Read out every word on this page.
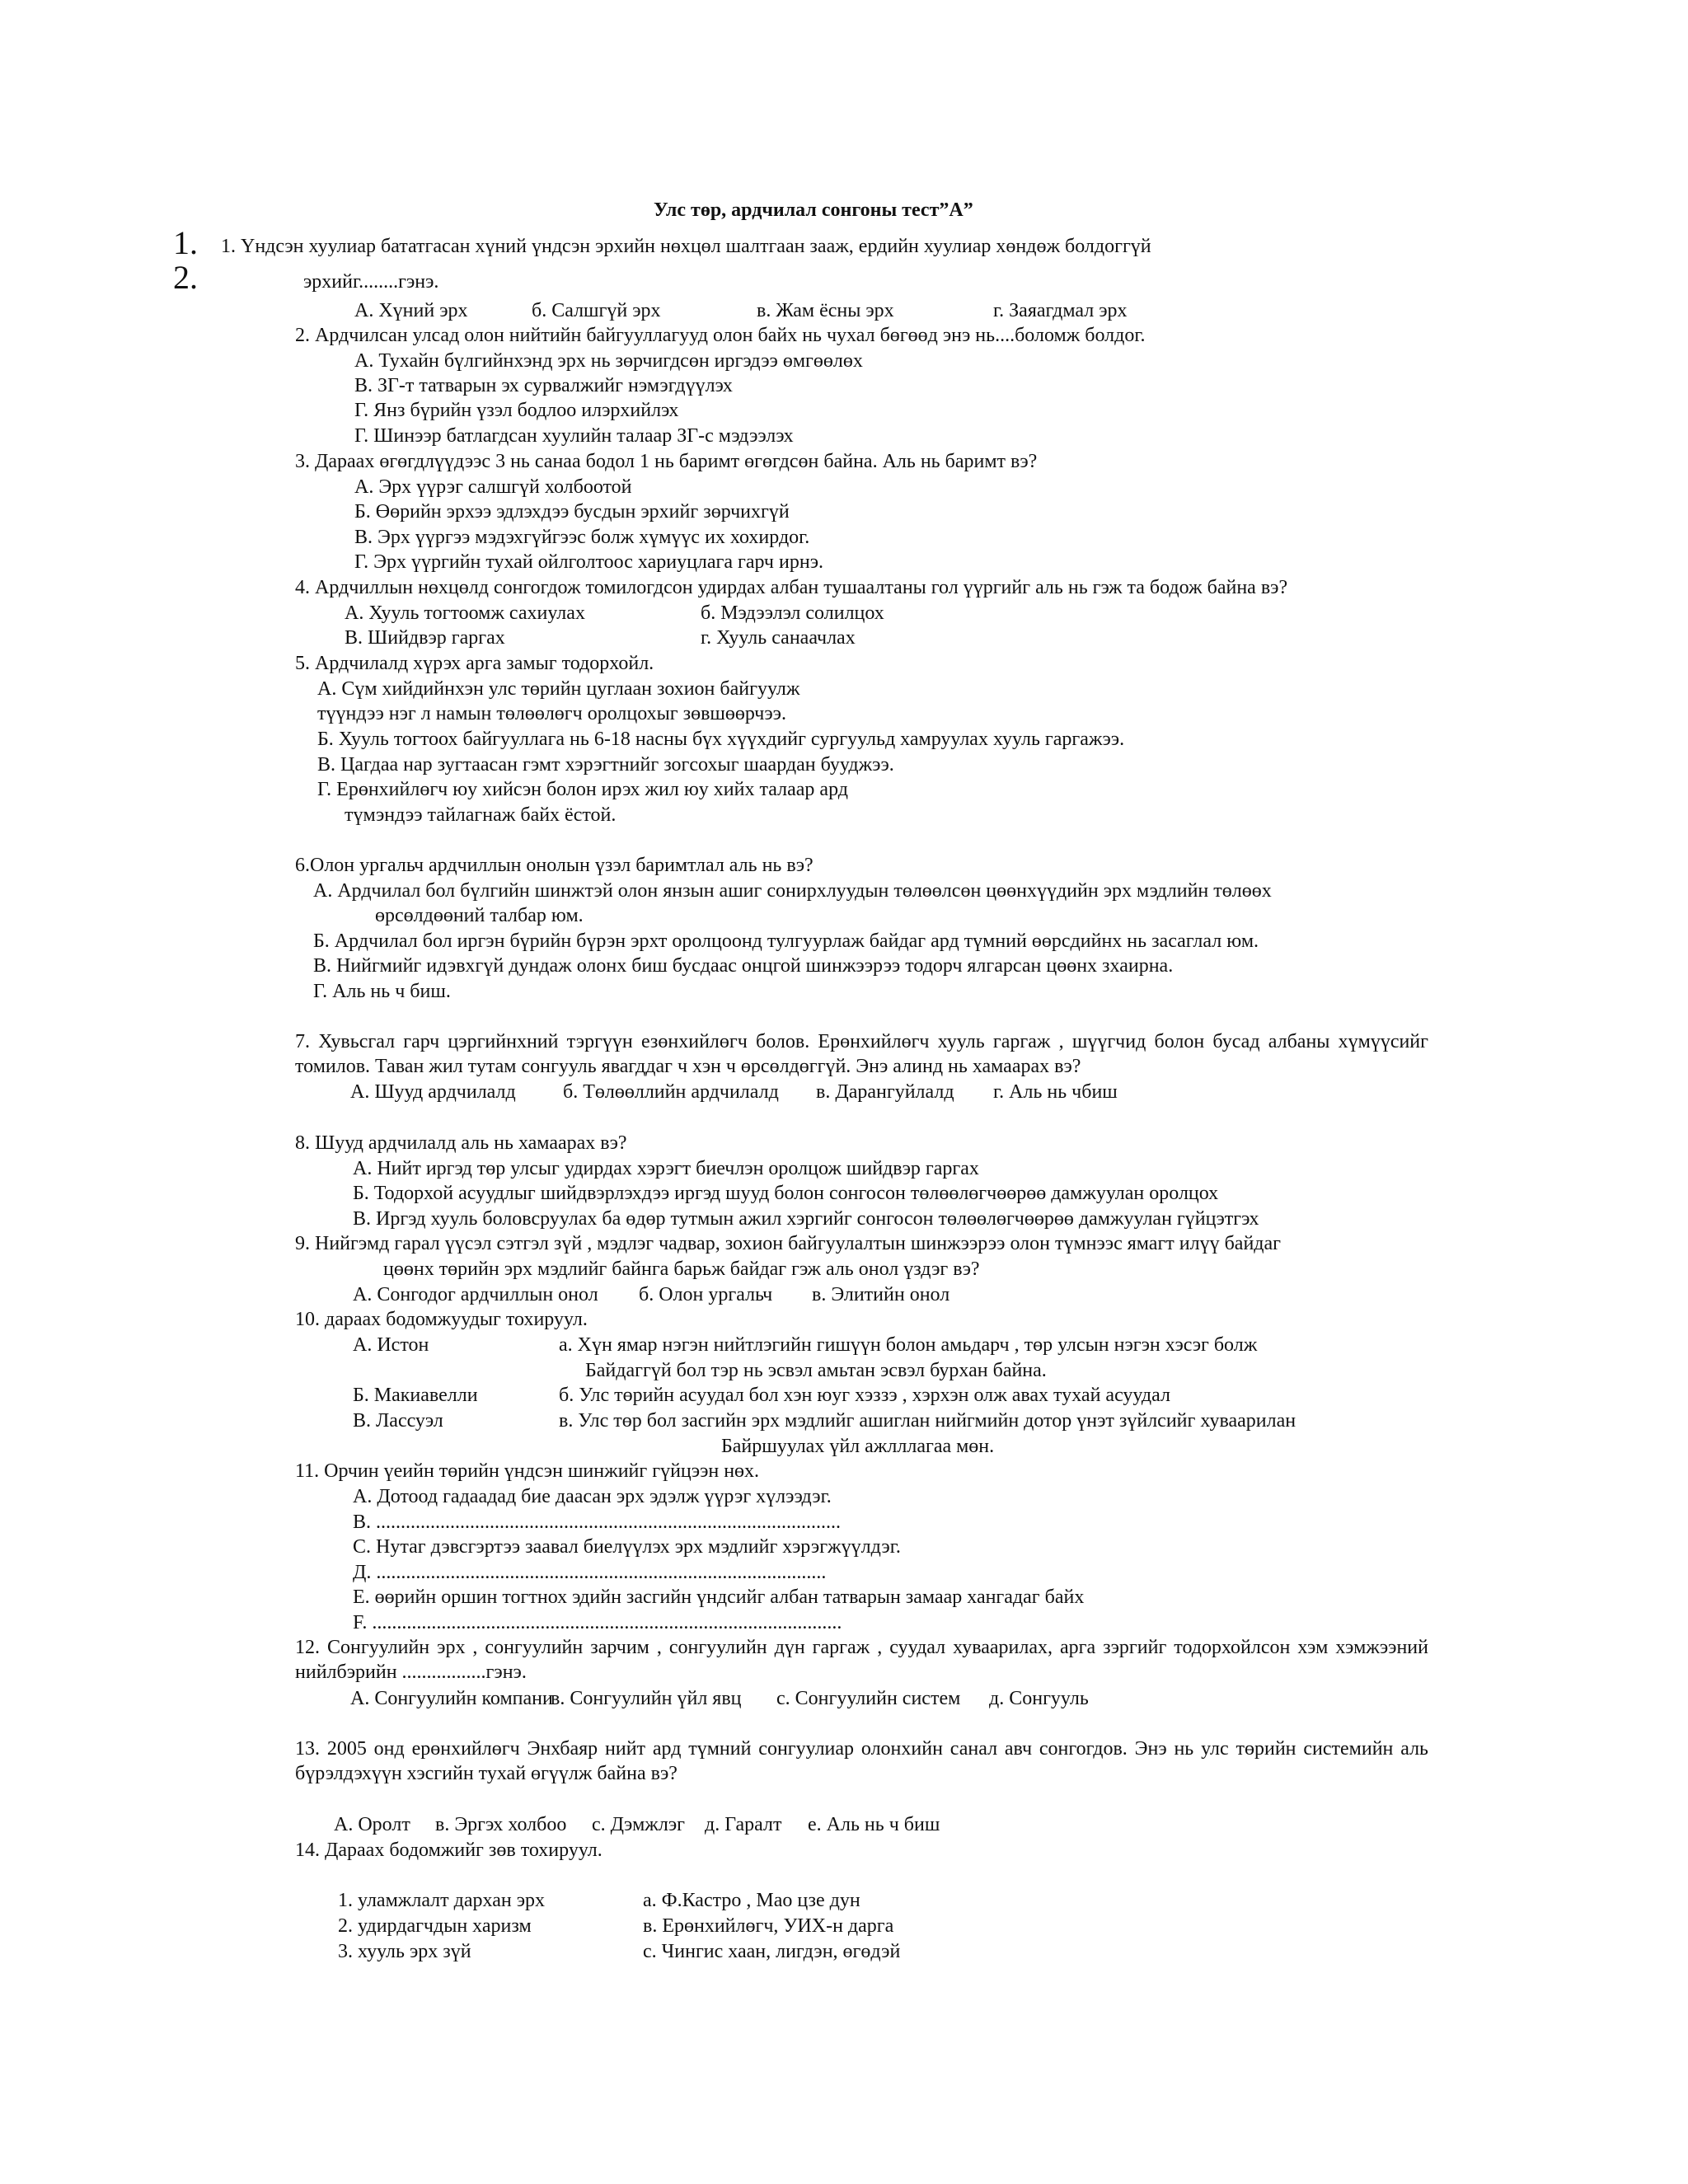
Улс төр, ардчилал сонгоны тест”А”
1.
2.
1. Үндсэн хуулиар бататгасан хүний үндсэн эрхийн нөхцөл шалтгаан зааж, ердийн хуулиар хөндөж болдоггүй
эрхийг........гэнэ.
А. Хүний эрх	б. Салшгүй эрх	в. Жам ёсны эрх	г. Заяагдмал эрх
2. Ардчилсан улсад олон нийтийн байгууллагууд олон байх нь чухал бөгөөд энэ нь....боломж болдог.
А. Тухайн бүлгийнхэнд эрх нь зөрчигдсөн иргэдээ өмгөөлөх
В. ЗГ-т татварын эх сурвалжийг нэмэгдүүлэх
Г. Янз бүрийн үзэл бодлоо илэрхийлэх
Г. Шинээр батлагдсан хуулийн талаар ЗГ-с мэдээлэх
3. Дараах өгөгдлүүдээс 3 нь санаа бодол 1 нь баримт өгөгдсөн байна. Аль нь баримт вэ?
А. Эрх үүрэг салшгүй холбоотой
Б. Өөрийн эрхээ эдлэхдээ бусдын эрхийг зөрчихгүй
В. Эрх үүргээ мэдэхгүйгээс болж хүмүүс их хохирдог.
Г. Эрх үүргийн тухай ойлголтоос хариуцлага гарч ирнэ.
4. Ардчиллын нөхцөлд сонгогдож томилогдсон удирдах албан тушаалтаны гол үүргийг аль нь гэж та бодож байна вэ?
А. Хууль тогтоомж сахиулах	б. Мэдээлэл солилцох
В. Шийдвэр гаргах	г. Хууль санаачлах
5. Ардчилалд хүрэх арга замыг тодорхойл.
А. Сүм хийдийнхэн улс төрийн цуглаан зохион байгуулж
түүндээ нэг л намын төлөөлөгч оролцохыг зөвшөөрчээ.
Б. Хууль тогтоох байгууллага нь 6-18 насны бүх хүүхдийг сургуульд хамруулах хууль гаргажээ.
В. Цагдаа нар зугтаасан гэмт хэрэгтнийг зогсохыг шаардан бууджээ.
Г. Ерөнхийлөгч юу хийсэн болон ирэх жил юу хийх талаар ард
түмэндээ тайлагнаж байх ёстой.
6.Олон ургальч ардчиллын онолын үзэл баримтлал аль нь вэ?
А. Ардчилал бол бүлгийн шинжтэй олон янзын ашиг сонирхлуудын төлөөлсөн цөөнхүүдийн эрх мэдлийн төлөөх
өрсөлдөөний талбар юм.
Б. Ардчилал бол иргэн бүрийн бүрэн эрхт оролцоонд тулгуурлаж байдаг ард түмний өөрсдийнх нь засаглал юм.
В. Нийгмийг идэвхгүй дундаж олонх биш бусдаас онцгой шинжээрээ тодорч ялгарсан цөөнх зхаирна.
Г. Аль нь ч биш.
7. Хувьсгал гарч цэргийнхний тэргүүн езөнхийлөгч болов. Ерөнхийлөгч хууль гаргаж , шүүгчид болон бусад албаны хүмүүсийг томилов. Таван жил тутам сонгууль явагддаг ч хэн ч өрсөлдөггүй. Энэ алинд нь хамаарах вэ?
А. Шууд ардчилалд б. Төлөөллийн ардчилалд в. Дарангуйлалд г. Аль нь чбиш
8. Шууд ардчилалд аль нь хамаарах вэ?
А. Нийт иргэд төр улсыг удирдах хэрэгт биечлэн оролцож шийдвэр гаргах
Б. Тодорхой асуудлыг шийдвэрлэхдээ иргэд шууд болон сонгосон төлөөлөгчөөрөө дамжуулан оролцох
В. Иргэд хууль боловсруулах ба өдөр тутмын ажил хэргийг сонгосон төлөөлөгчөөрөө дамжуулан гүйцэтгэх
9. Нийгэмд гарал үүсэл сэтгэл зүй , мэдлэг чадвар, зохион байгуулалтын шинжээрээ олон түмнээс ямагт илүү байдаг
цөөнх төрийн эрх мэдлийг байнга барьж байдаг гэж аль онол үздэг вэ?
А. Сонгодог ардчиллын онол б. Олон ургальч в. Элитийн онол
10. дараах бодомжуудыг тохируул.
А. Истон	а. Хүн ямар нэгэн нийтлэгийн гишүүн болон амьдарч , төр улсын нэгэн хэсэг болж
Байдаггүй бол тэр нь эсвэл амьтан эсвэл бурхан байна.
Б. Макиавелли	б. Улс төрийн асуудал бол хэн юуг хэззэ , хэрхэн олж авах тухай асуудал
В. Лассуэл	в. Улс төр бол засгийн эрх мэдлийг ашиглан нийгмийн дотор үнэт зүйлсийг хуваарилан
Байршуулах үйл ажлллагаа мөн.
11. Орчин үеийн төрийн үндсэн шинжийг гүйцээн нөх.
А. Дотоод гадаадад бие даасан эрх эдэлж үүрэг хүлээдэг.
В. ..............................................................................................
С. Нутаг дэвсгэртээ заавал биелүүлэх эрх мэдлийг хэрэгжүүлдэг.
Д. ...........................................................................................
Е. өөрийн оршин тогтнох эдийн засгийн үндсийг албан татварын замаар хангадаг байх
F. ...............................................................................................
12. Сонгуулийн эрх , сонгуулийн зарчим , сонгуулийн дүн гаргаж , суудал хуваарилах, арга зэргийг тодорхойлсон хэм хэмжээний нийлбэрийн .................гэнэ.
А. Сонгуулийн компани
в. Сонгуулийн үйл явц с. Сонгуулийн систем д. Сонгууль
13. 2005 онд ерөнхийлөгч Энхбаяр нийт ард түмний сонгуулиар олонхийн санал авч сонгогдов. Энэ нь улс төрийн системийн аль бүрэлдэхүүн хэсгийн тухай өгүүлж байна вэ?
А. Оролт в. Эргэх холбоо с. Дэмжлэг д. Гаралт е. Аль нь ч биш
14. Дараах бодомжийг зөв тохируул.
1. уламжлалт дархан эрх	а. Ф.Кастро , Мао цзе дун
2. удирдагчдын харизм	в. Ерөнхийлөгч, УИХ-н дарга
3. хууль эрх зүй	с. Чингис хаан, лигдэн, өгөдэй
